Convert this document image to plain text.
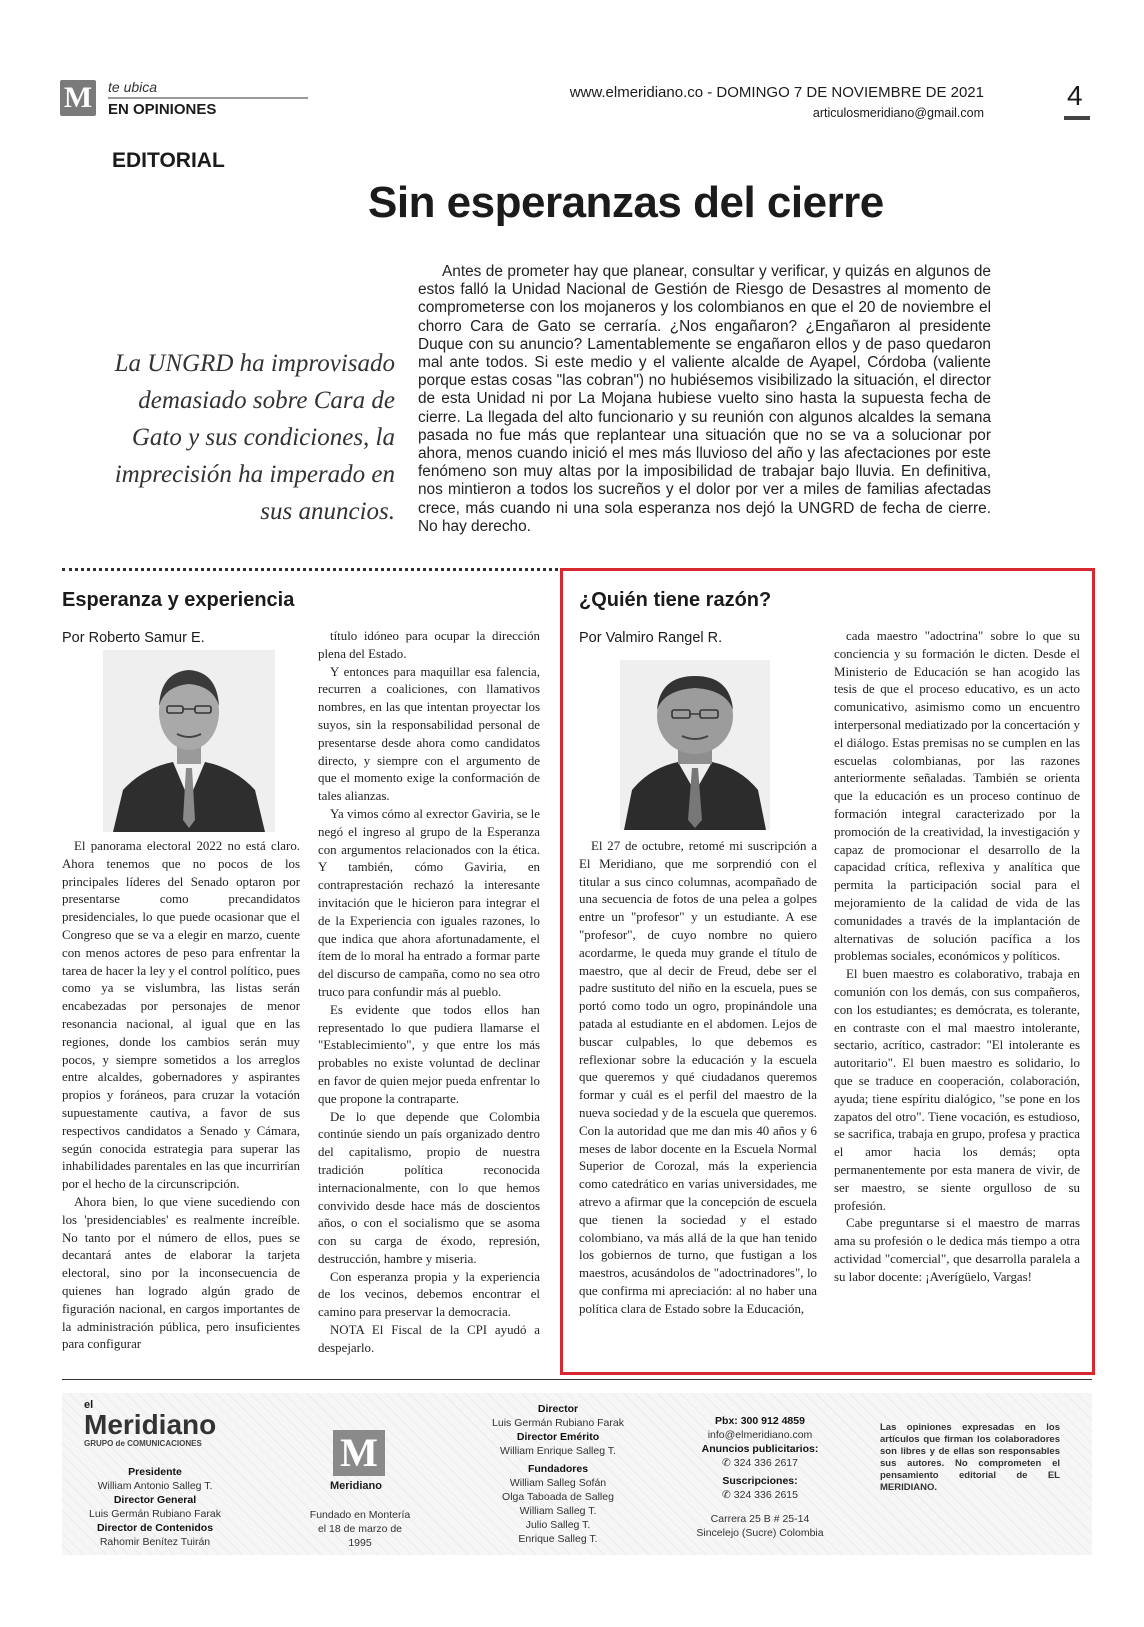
M te ubica
EN OPINIONES
www.elmeridiano.co - DOMINGO 7 DE NOVIEMBRE DE 2021
articulosmeridiano@gmail.com
4
EDITORIAL
Sin esperanzas del cierre
La UNGRD ha improvisado demasiado sobre Cara de Gato y sus condiciones, la imprecisión ha imperado en sus anuncios.
Antes de prometer hay que planear, consultar y verificar, y quizás en algunos de estos falló la Unidad Nacional de Gestión de Riesgo de Desastres al momento de comprometerse con los mojaneros y los colombianos en que el 20 de noviembre el chorro Cara de Gato se cerraría. ¿Nos engañaron? ¿Engañaron al presidente Duque con su anuncio? Lamentablemente se engañaron ellos y de paso quedaron mal ante todos. Si este medio y el valiente alcalde de Ayapel, Córdoba (valiente porque estas cosas "las cobran") no hubiésemos visibilizado la situación, el director de esta Unidad ni por La Mojana hubiese vuelto sino hasta la supuesta fecha de cierre. La llegada del alto funcionario y su reunión con algunos alcaldes la semana pasada no fue más que replantear una situación que no se va a solucionar por ahora, menos cuando inició el mes más lluvioso del año y las afectaciones por este fenómeno son muy altas por la imposibilidad de trabajar bajo lluvia. En definitiva, nos mintieron a todos los sucreños y el dolor por ver a miles de familias afectadas crece, más cuando ni una sola esperanza nos dejó la UNGRD de fecha de cierre. No hay derecho.
Esperanza y experiencia
Por Roberto Samur E.

El panorama electoral 2022 no está claro. Ahora tenemos que no pocos de los principales líderes del Senado optaron por presentarse como precandidatos presidenciales, lo que puede ocasionar que el Congreso que se va a elegir en marzo, cuente con menos actores de peso para enfrentar la tarea de hacer la ley y el control político, pues como ya se vislumbra, las listas serán encabezadas por personajes de menor resonancia nacional, al igual que en las regiones, donde los cambios serán muy pocos, y siempre sometidos a los arreglos entre alcaldes, gobernadores y aspirantes propios y foráneos, para cruzar la votación supuestamente cautiva, a favor de sus respectivos candidatos a Senado y Cámara, según conocida estrategia para superar las inhabilidades parentales en las que incurrirían por el hecho de la circunscripción.

Ahora bien, lo que viene sucediendo con los 'presidenciables' es realmente increíble. No tanto por el número de ellos, pues se decantará antes de elaborar la tarjeta electoral, sino por la inconsecuencia de quienes han logrado algún grado de figuración nacional, en cargos importantes de la administración pública, pero insuficientes para configurar

título idóneo para ocupar la dirección plena del Estado.

Y entonces para maquillar esa falencia, recurren a coaliciones, con llamativos nombres, en las que intentan proyectar los suyos, sin la responsabilidad personal de presentarse desde ahora como candidatos directo, y siempre con el argumento de que el momento exige la conformación de tales alianzas.

Ya vimos cómo al exrector Gaviria, se le negó el ingreso al grupo de la Esperanza con argumentos relacionados con la ética. Y también, cómo Gaviria, en contraprestación rechazó la interesante invitación que le hicieron para integrar el de la Experiencia con iguales razones, lo que indica que ahora afortunadamente, el ítem de lo moral ha entrado a formar parte del discurso de campaña, como no sea otro truco para confundir más al pueblo.

Es evidente que todos ellos han representado lo que pudiera llamarse el "Establecimiento", y que entre los más probables no existe voluntad de declinar en favor de quien mejor pueda enfrentar lo que propone la contraparte.

De lo que depende que Colombia continúe siendo un país organizado dentro del capitalismo, propio de nuestra tradición política reconocida internacionalmente, con lo que hemos convivido desde hace más de doscientos años, o con el socialismo que se asoma con su carga de éxodo, represión, destrucción, hambre y miseria.

Con esperanza propia y la experiencia de los vecinos, debemos encontrar el camino para preservar la democracia.

NOTA El Fiscal de la CPI ayudó a despejarlo.

¿Quién tiene razón?
Por Valmiro Rangel R.

El 27 de octubre, retomé mi suscripción a El Meridiano, que me sorprendió con el titular a sus cinco columnas, acompañado de una secuencia de fotos de una pelea a golpes entre un "profesor" y un estudiante. A ese "profesor", de cuyo nombre no quiero acordarme, le queda muy grande el título de maestro, que al decir de Freud, debe ser el padre sustituto del niño en la escuela, pues se portó como todo un ogro, propinándole una patada al estudiante en el abdomen. Lejos de buscar culpables, lo que debemos es reflexionar sobre la educación y la escuela que queremos y qué ciudadanos queremos formar y cuál es el perfil del maestro de la nueva sociedad y de la escuela que queremos. Con la autoridad que me dan mis 40 años y 6 meses de labor docente en la Escuela Normal Superior de Corozal, más la experiencia como catedrático en varias universidades, me atrevo a afirmar que la concepción de escuela que tienen la sociedad y el estado colombiano, va más allá de la que han tenido los gobiernos de turno, que fustigan a los maestros, acusándolos de "adoctrinadores", lo que confirma mi apreciación: al no haber una política clara de Estado sobre la Educación,

cada maestro "adoctrina" sobre lo que su conciencia y su formación le dicten. Desde el Ministerio de Educación se han acogido las tesis de que el proceso educativo, es un acto comunicativo, asimismo como un encuentro interpersonal mediatizado por la concertación y el diálogo. Estas premisas no se cumplen en las escuelas colombianas, por las razones anteriormente señaladas. También se orienta que la educación es un proceso continuo de formación integral caracterizado por la promoción de la creatividad, la investigación y capaz de promocionar el desarrollo de la capacidad crítica, reflexiva y analítica que permita la participación social para el mejoramiento de la calidad de vida de las comunidades a través de la implantación de alternativas de solución pacífica a los problemas sociales, económicos y políticos.

El buen maestro es colaborativo, trabaja en comunión con los demás, con sus compañeros, con los estudiantes; es demócrata, es tolerante, en contraste con el mal maestro intolerante, sectario, acrítico, castrador: "El intolerante es autoritario". El buen maestro es solidario, lo que se traduce en cooperación, colaboración, ayuda; tiene espíritu dialógico, "se pone en los zapatos del otro". Tiene vocación, es estudioso, se sacrifica, trabaja en grupo, profesa y practica el amor hacia los demás; opta permanentemente por esta manera de vivir, de ser maestro, se siente orgulloso de su profesión.

Cabe preguntarse si el maestro de marras ama su profesión o le dedica más tiempo a otra actividad "comercial", que desarrolla paralela a su labor docente: ¡Averígüelo, Vargas!

el
Meridiano
GRUPO de COMUNICACIONES
Presidente
William Antonio Salleg T.
Director General
Luis Germán Rubiano Farak
Director de Contenidos
Rahomir Benítez Tuirán
M
Meridiano
Fundado en Montería el 18 de marzo de 1995
Director
Luis Germán Rubiano Farak
Director Emérito
William Enrique Salleg T.
Fundadores
William Salleg Sofán
Olga Taboada de Salleg
William Salleg T.
Julio Salleg T.
Enrique Salleg T.
Pbx: 300 912 4859
info@elmeridiano.com
Anuncios publicitarios:
✆ 324 336 2617
Suscripciones:
✆ 324 336 2615
Carrera 25 B # 25-14
Sincelejo (Sucre) Colombia
Las opiniones expresadas en los artículos que firman los colaboradores son libres y de ellas son responsables sus autores. No comprometen el pensamiento editorial de EL MERIDIANO.
